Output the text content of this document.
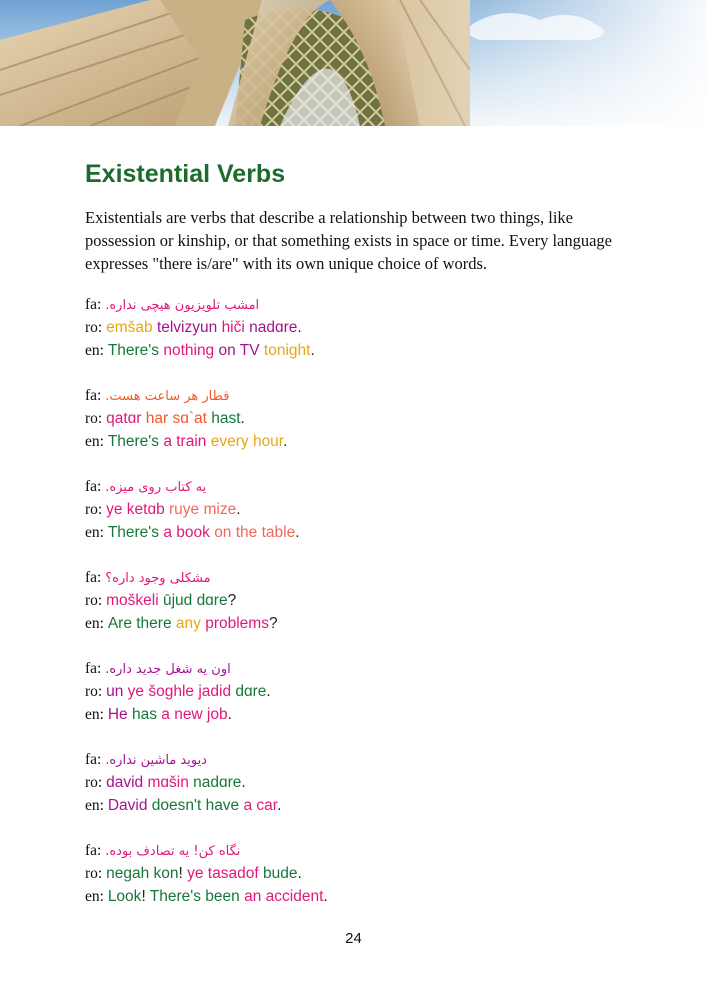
Existential Verbs

Existentials are verbs that describe a relationship between two things, like possession or kinship, or that something exists in space or time. Every language expresses "there is/are" with its own unique choice of words.

fa: امشب تلویزیون هیچی نداره.
ro: emšab telvizyun hiči nadɑre.
en: There's nothing on TV tonight.
fa: قطار هر ساعت هست.
ro: qatɑr har sɑ`at hast.
en: There's a train every hour.
fa: یه کتاب روی میزه.
ro: ye ketɑb ruye mize.
en: There's a book on the table.
fa: مشکلی وجود داره؟
ro: moškeli ūjud dɑre?
en: Are there any problems?
fa: اون یه شغل جدید داره.
ro: un ye šoghle jadid dɑre.
en: He has a new job.
fa: دیوید ماشین نداره.
ro: david mɑšin nadɑre.
en: David doesn't have a car.
fa: نگاه کن! یه تصادف بوده.
ro: negah kon! ye tasadof bude.
en: Look! There's been an accident.
24
